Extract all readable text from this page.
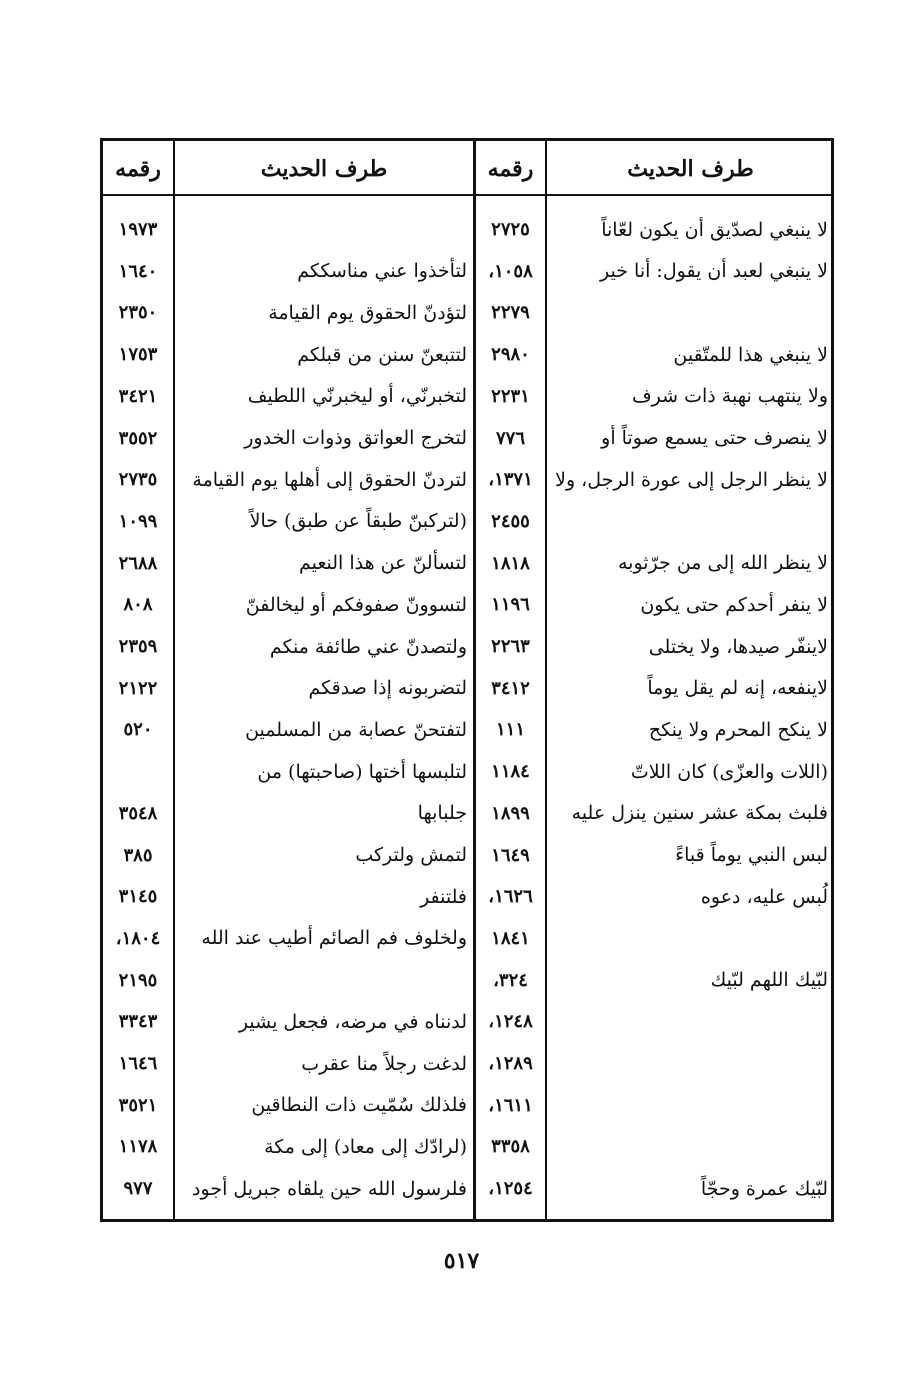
طرف الحديث
رقمه
طرف الحديث
رقمه
لا ينبغي لصدّيق أن يكون لعّاناً
٢٧٢٥
١٩٧٣
لا ينبغي لعبد أن يقول: أنا خير
١٠٥٨،
لتأخذوا عني مناسككم
١٦٤٠
٢٢٧٩
لتؤدنّ الحقوق يوم القيامة
٢٣٥٠
لا ينبغي هذا للمتّقين
٢٩٨٠
لتتبعنّ سنن من قبلكم
١٧٥٣
ولا ينتهب نهبة ذات شرف
٢٢٣١
لتخبرنّي، أو ليخبرنّي اللطيف
٣٤٢١
لا ينصرف حتى يسمع صوتاً أو
٧٧٦
لتخرج العواتق وذوات الخدور
٣٥٥٢
لا ينظر الرجل إلى عورة الرجل، ولا
١٣٧١،
لتردنّ الحقوق إلى أهلها يوم القيامة
٢٧٣٥
٢٤٥٥
(لتركبنّ طبقاً عن طبق) حالاً
١٠٩٩
لا ينظر الله إلى من جرّثوبه
١٨١٨
لتسألنّ عن هذا النعيم
٢٦٨٨
لا ينفر أحدكم حتى يكون
١١٩٦
لتسوونّ صفوفكم أو ليخالفنّ
٨٠٨
لاينفّر صيدها، ولا يختلى
٢٢٦٣
ولتصدنّ عني طائفة منكم
٢٣٥٩
لاينفعه، إنه لم يقل يوماً
٣٤١٢
لتضربونه إذا صدقكم
٢١٢٢
لا ينكح المحرم ولا ينكح
١١١
لتفتحنّ عصابة من المسلمين
٥٢٠
(اللات والعزّى) كان اللاتّ
١١٨٤
لتلبسها أختها (صاحبتها) من
فلبث بمكة عشر سنين ينزل عليه
١٨٩٩
جلبابها
٣٥٤٨
لبس النبي يوماً قباءً
١٦٤٩
لتمش ولتركب
٣٨٥
لُبس عليه، دعوه
١٦٢٦،
فلتنفر
٣١٤٥
١٨٤١
ولخلوف فم الصائم أطيب عند الله
١٨٠٤،
لبّيك اللهم لبّيك
٣٢٤،
٢١٩٥
١٢٤٨،
لدنناه في مرضه، فجعل يشير
٣٣٤٣
١٢٨٩،
لدغت رجلاً منا عقرب
١٦٤٦
١٦١١،
فلذلك سُمّيت ذات النطاقين
٣٥٢١
٣٣٥٨
(لرادّك إلى معاد) إلى مكة
١١٧٨
لبّيك عمرة وحجّاً
١٢٥٤،
فلرسول الله حين يلقاه جبريل أجود
٩٧٧
٥١٧
